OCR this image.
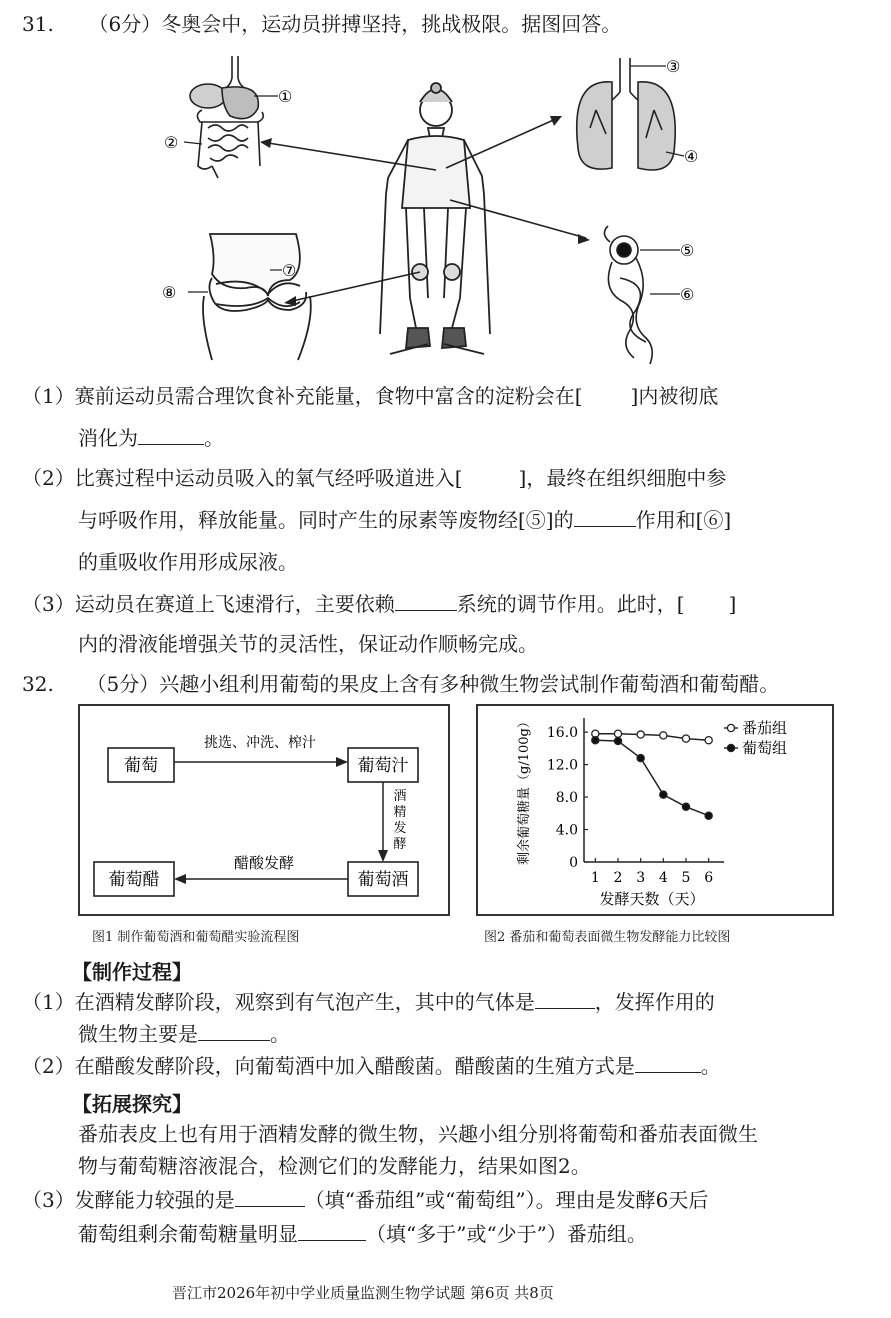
31. （6分）冬奥会中，运动员拼搏坚持，挑战极限。据图回答。
①
②
⑦
⑧
③
④
⑤
⑥
（1）赛前运动员需合理饮食补充能量，食物中富含的淀粉会在[ ]内被彻底
消化为	。
（2）比赛过程中运动员吸入的氧气经呼吸道进入[	]，最终在组织细胞中参
与呼吸作用，释放能量。同时产生的尿素等废物经[⑤]的	作用和[⑥]
的重吸收作用形成尿液。
（3）运动员在赛道上飞速滑行，主要依赖	系统的调节作用。此时，[ ]
内的滑液能增强关节的灵活性，保证动作顺畅完成。
32. （5分）兴趣小组利用葡萄的果皮上含有多种微生物尝试制作葡萄酒和葡萄醋。
葡萄	葡萄汁
葡萄酒
葡萄醋
挑选、冲洗、榨汁
酒
精
发
酵
醋酸发酵
图1 制作葡萄酒和葡萄醋实验流程图
0
4.0
8.0
12.0
16.0
1 2 3 4 5 6
番茄组
葡萄组
剩余葡萄糖量（g/100g）
发酵天数（天）
图2 番茄和葡萄表面微生物发酵能力比较图
【制作过程】
（1）在酒精发酵阶段，观察到有气泡产生，其中的气体是	，发挥作用的
微生物主要是	。
（2）在醋酸发酵阶段，向葡萄酒中加入醋酸菌。醋酸菌的生殖方式是	。
【拓展探究】
番茄表皮上也有用于酒精发酵的微生物，兴趣小组分别将葡萄和番茄表面微生
物与葡萄糖溶液混合，检测它们的发酵能力，结果如图2。
（3）发酵能力较强的是	（填“番茄组”或“葡萄组”）。理由是发酵6天后
葡萄组剩余葡萄糖量明显	（填“多于”或“少于”）番茄组。
晋江市2026年初中学业质量监测生物学试题 第6页 共8页
